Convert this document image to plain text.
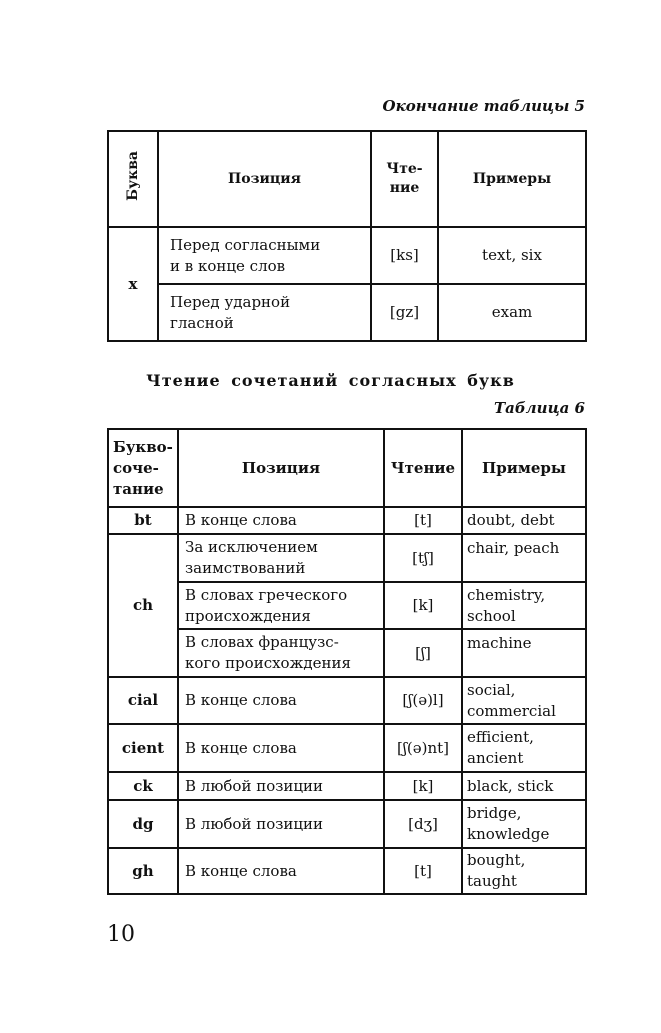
Окончание таблицы 5
Буква	Позиция	Чте-
ние	Примеры
x	Перед согласными
и в конце слов	[ks]	text, six
	Перед ударной
гласной	[gz]	exam
Чтение сочетаний согласных букв
Таблица 6
Букво-
соче-
тание	Позиция	Чтение	Примеры
bt	В конце слова	[t]	doubt, debt
ch	За исключением
заимствований	[tʃ]	chair, peach
	В словах греческого
происхождения	[k]	chemistry,
school
	В словах французс-
кого происхождения	[ʃ]	machine
cial	В конце слова	[ʃ(ə)l]	social,
commercial
cient	В конце слова	[ʃ(ə)nt]	efficient,
ancient
ck	В любой позиции	[k]	black, stick
dg	В любой позиции	[dʒ]	bridge,
knowledge
gh	В конце слова	[t]	bought,
taught
10
